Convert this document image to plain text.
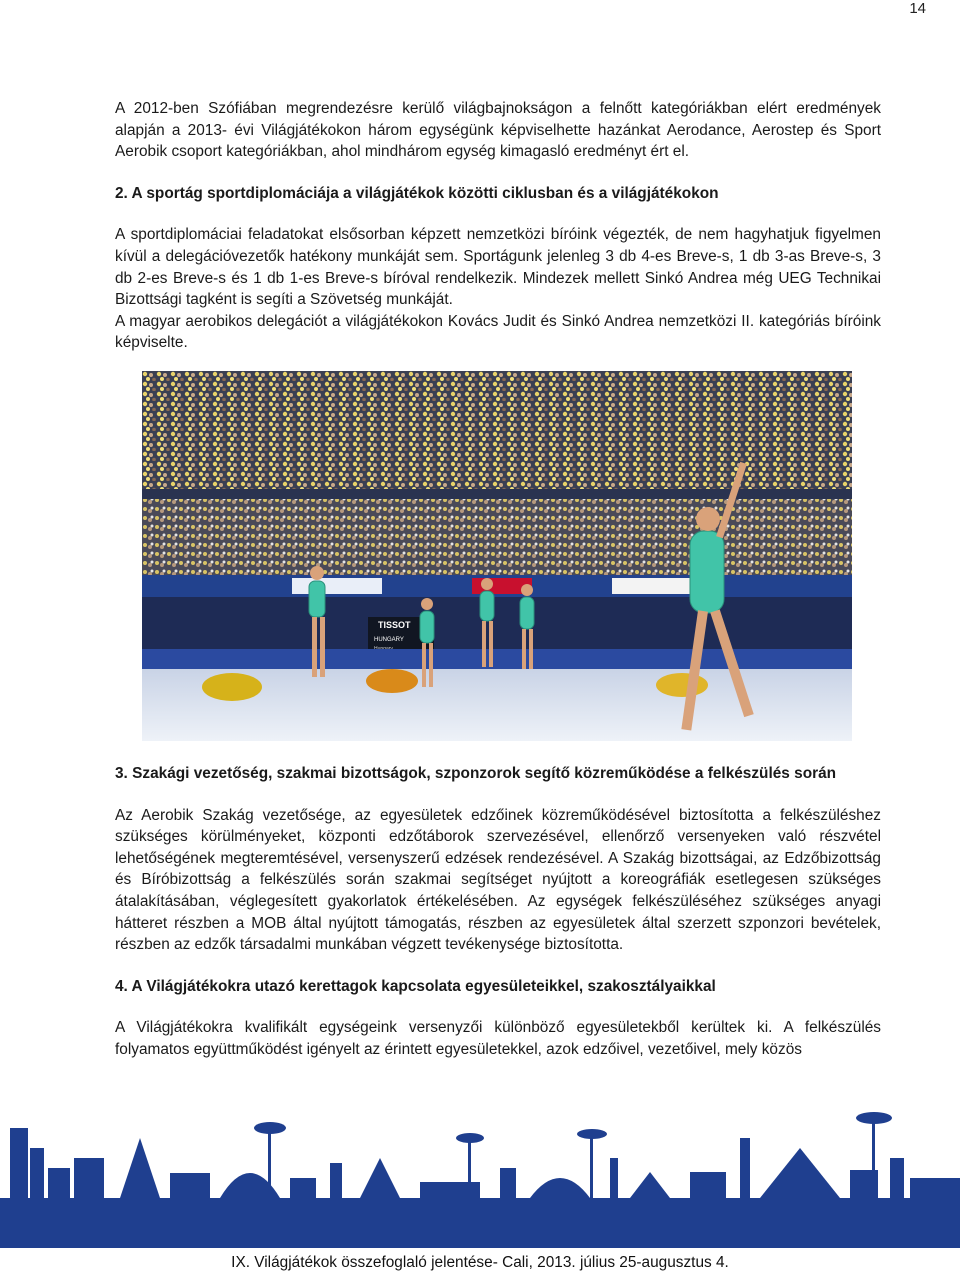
14

A 2012-ben Szófiában megrendezésre kerülő világbajnokságon a felnőtt kategóriákban elért eredmények alapján a 2013- évi Világjátékokon három egységünk képviselhette hazánkat Aerodance, Aerostep és Sport Aerobik csoport kategóriákban, ahol mindhárom egység kimagasló eredményt ért el.

2. A sportág sportdiplomáciája a világjátékok közötti ciklusban és a világjátékokon

A sportdiplomáciai feladatokat elsősorban képzett nemzetközi bíróink végezték, de nem hagyhatjuk figyelmen kívül a delegációvezetők hatékony munkáját sem. Sportágunk jelenleg 3 db 4-es Breve-s, 1 db 3-as Breve-s, 3 db 2-es Breve-s és 1 db 1-es Breve-s bíróval rendelkezik. Mindezek mellett Sinkó Andrea még UEG Technikai Bizottsági tagként is segíti a Szövetség munkáját.

A magyar aerobikos delegációt a világjátékokon Kovács Judit és Sinkó Andrea nemzetközi II. kategóriás bíróink képviselte.

TISSOT
HUNGARY

3. Szakági vezetőség, szakmai bizottságok, szponzorok segítő közreműködése a felkészülés során

Az Aerobik Szakág vezetősége, az egyesületek edzőinek közreműködésével biztosította a felkészüléshez szükséges körülményeket, központi edzőtáborok szervezésével, ellenőrző versenyeken való részvétel lehetőségének megteremtésével, versenyszerű edzések rendezésével. A Szakág bizottságai, az Edzőbizottság és Bíróbizottság a felkészülés során szakmai segítséget nyújtott a koreográfiák esetlegesen szükséges átalakításában, véglegesített gyakorlatok értékelésében. Az egységek felkészüléséhez szükséges anyagi hátteret részben a MOB által nyújtott támogatás, részben az egyesületek által szerzett szponzori bevételek, részben az edzők társadalmi munkában végzett tevékenysége biztosította.

4. A Világjátékokra utazó kerettagok kapcsolata egyesületeikkel, szakosztályaikkal

A Világjátékokra kvalifikált egységeink versenyzői különböző egyesületekből kerültek ki. A felkészülés folyamatos együttműködést igényelt az érintett egyesületekkel, azok edzőivel, vezetőivel, mely közös

IX. Világjátékok összefoglaló jelentése- Cali, 2013. július 25-augusztus 4.
